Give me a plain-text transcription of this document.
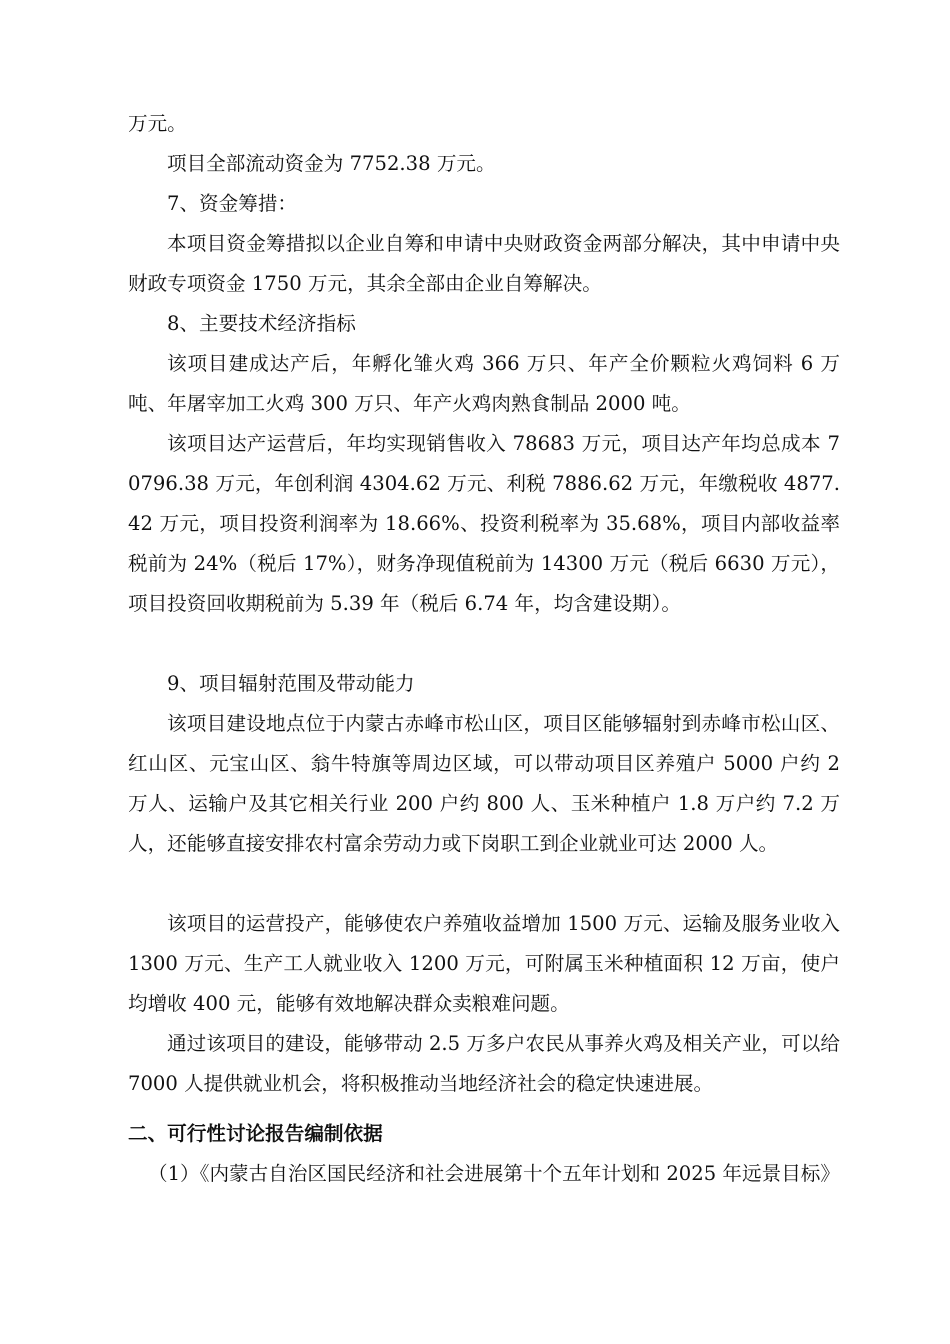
万元。

项目全部流动资金为 7752.38 万元。

7、资金筹措：

本项目资金筹措拟以企业自筹和申请中央财政资金两部分解决，其中申请中央财政专项资金 1750 万元，其余全部由企业自筹解决。

8、主要技术经济指标

该项目建成达产后，年孵化雏火鸡 366 万只、年产全价颗粒火鸡饲料 6 万吨、年屠宰加工火鸡 300 万只、年产火鸡肉熟食制品 2000 吨。

该项目达产运营后，年均实现销售收入 78683 万元，项目达产年均总成本 70796.38 万元，年创利润 4304.62 万元、利税 7886.62 万元，年缴税收 4877.42 万元，项目投资利润率为 18.66%、投资利税率为 35.68%，项目内部收益率税前为 24%（税后 17%），财务净现值税前为 14300 万元（税后 6630 万元），项目投资回收期税前为 5.39 年（税后 6.74 年，均含建设期）。

9、项目辐射范围及带动能力

该项目建设地点位于内蒙古赤峰市松山区，项目区能够辐射到赤峰市松山区、红山区、元宝山区、翁牛特旗等周边区域，可以带动项目区养殖户 5000 户约 2 万人、运输户及其它相关行业 200 户约 800 人、玉米种植户 1.8 万户约 7.2 万人，还能够直接安排农村富余劳动力或下岗职工到企业就业可达 2000 人。

该项目的运营投产，能够使农户养殖收益增加 1500 万元、运输及服务业收入 1300 万元、生产工人就业收入 1200 万元，可附属玉米种植面积 12 万亩，使户均增收 400 元，能够有效地解决群众卖粮难问题。

通过该项目的建设，能够带动 2.5 万多户农民从事养火鸡及相关产业，可以给 7000 人提供就业机会，将积极推动当地经济社会的稳定快速进展。

二、可行性讨论报告编制依据

（1）《内蒙古自治区国民经济和社会进展第十个五年计划和 2025 年远景目标》
